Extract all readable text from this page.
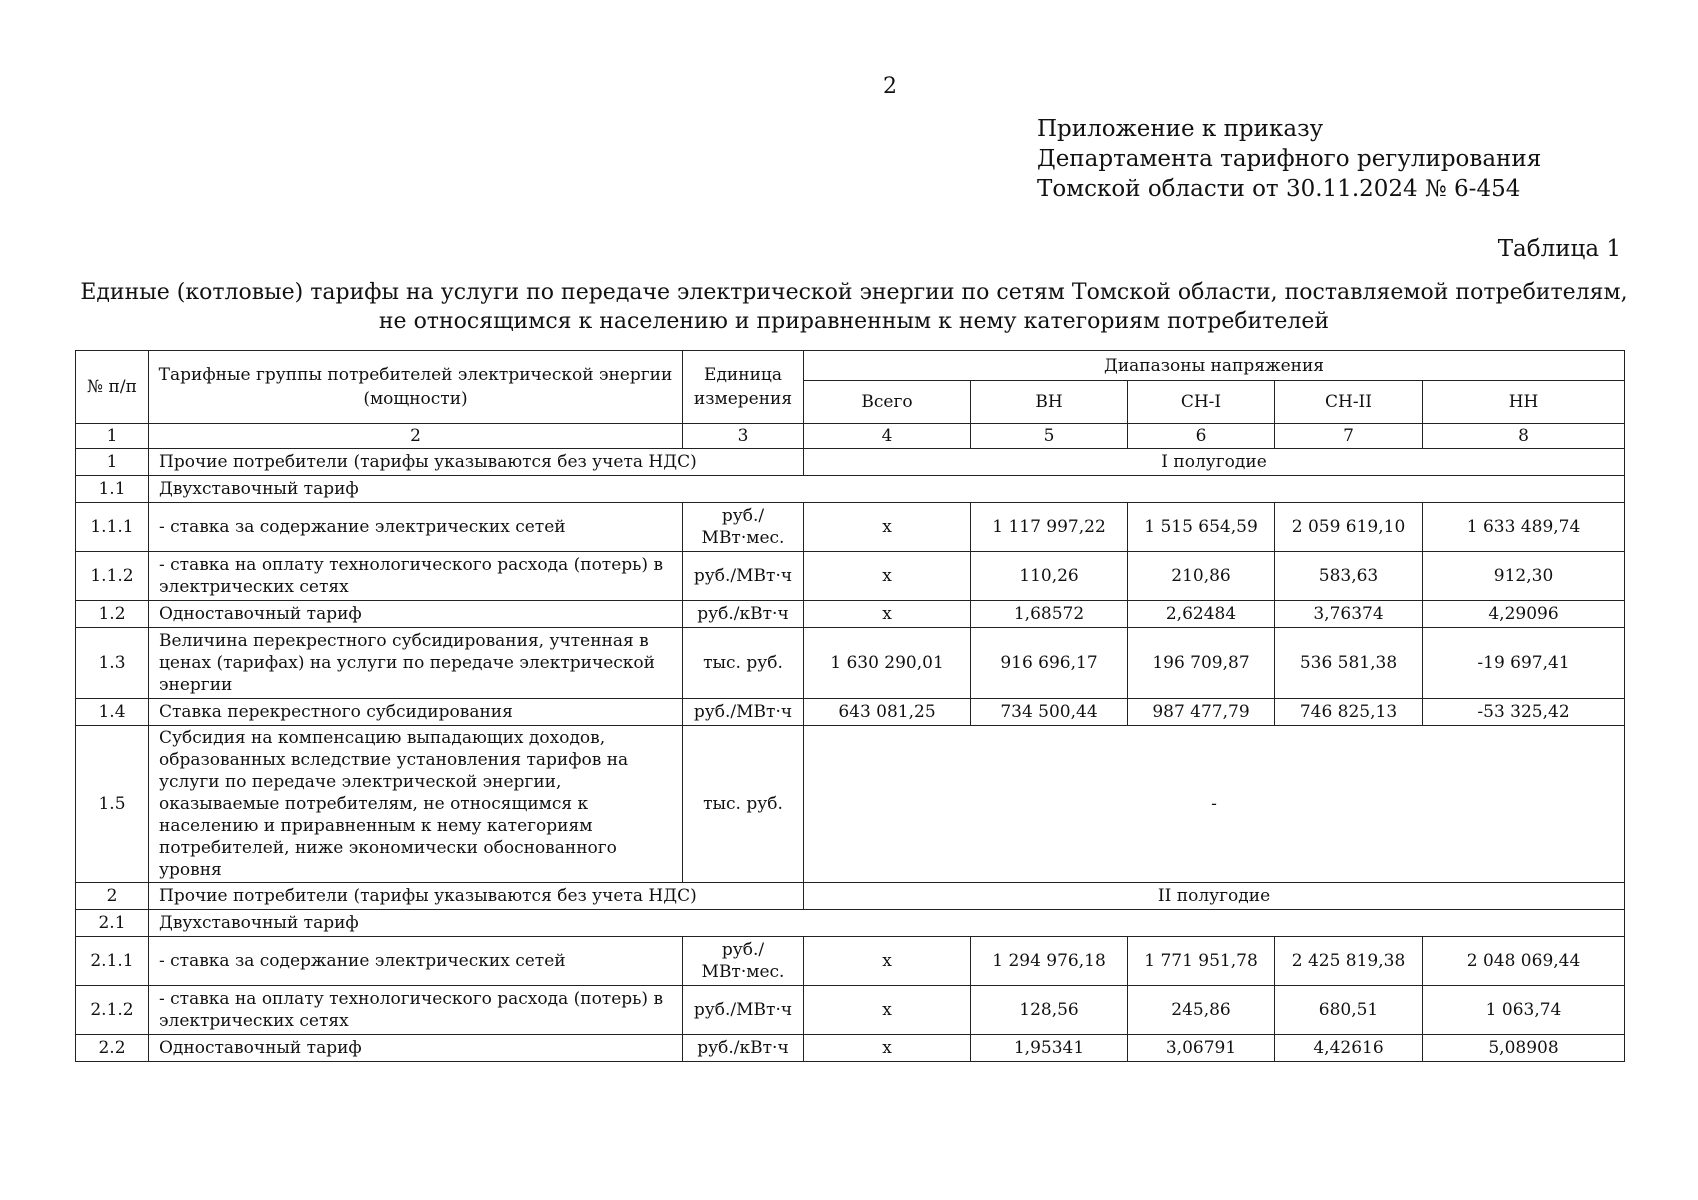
2
Приложение к приказу
Департамента тарифного регулирования
Томской области от 30.11.2024 № 6-454
Таблица 1
Единые (котловые) тарифы на услуги по передаче электрической энергии по сетям Томской области, поставляемой потребителям, не относящимся к населению и приравненным к нему категориям потребителей
№ п/п	Тарифные группы потребителей электрической энергии (мощности)	Единица измерения	Диапазоны напряжения				
			Всего	ВН	СН-I	СН-II	НН
1	2	3	4	5	6	7	8
1	Прочие потребители (тарифы указываются без учета НДС)		I полугодие				
1.1	Двухставочный тариф						
1.1.1	- ставка за содержание электрических сетей	руб./МВт·мес.	х	1 117 997,22	1 515 654,59	2 059 619,10	1 633 489,74
1.1.2	- ставка на оплату технологического расхода (потерь) в электрических сетях	руб./МВт·ч	х	110,26	210,86	583,63	912,30
1.2	Одноставочный тариф	руб./кВт·ч	х	1,68572	2,62484	3,76374	4,29096
1.3	Величина перекрестного субсидирования, учтенная в ценах (тарифах) на услуги по передаче электрической энергии	тыс. руб.	1 630 290,01	916 696,17	196 709,87	536 581,38	-19 697,41
1.4	Ставка перекрестного субсидирования	руб./МВт·ч	643 081,25	734 500,44	987 477,79	746 825,13	-53 325,42
1.5	Субсидия на компенсацию выпадающих доходов, образованных вследствие установления тарифов на услуги по передаче электрической энергии, оказываемые потребителям, не относящимся к населению и приравненным к нему категориям потребителей, ниже экономически обоснованного уровня	тыс. руб.	-				
2	Прочие потребители (тарифы указываются без учета НДС)		II полугодие				
2.1	Двухставочный тариф						
2.1.1	- ставка за содержание электрических сетей	руб./МВт·мес.	х	1 294 976,18	1 771 951,78	2 425 819,38	2 048 069,44
2.1.2	- ставка на оплату технологического расхода (потерь) в электрических сетях	руб./МВт·ч	х	128,56	245,86	680,51	1 063,74
2.2	Одноставочный тариф	руб./кВт·ч	х	1,95341	3,06791	4,42616	5,08908
